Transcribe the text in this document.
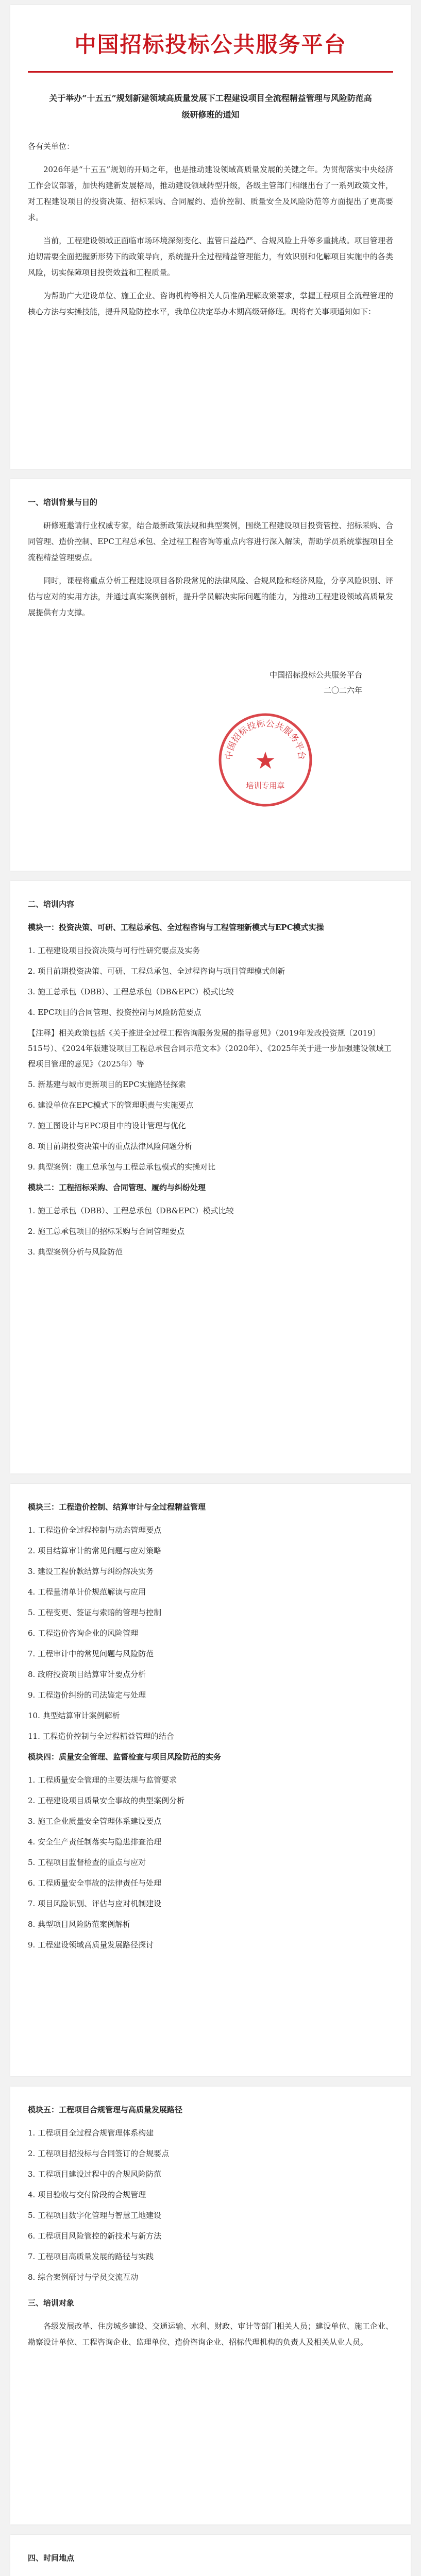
中国招标投标公共服务平台
关于举办“十五五”规划新建领域高质量发展下工程建设项目全流程精益管理与风险防范高级研修班的通知

各有关单位：

2026年是“十五五”规划的开局之年，也是推动建设领域高质量发展的关键之年。为贯彻落实中央经济工作会议部署，加快构建新发展格局，推动建设领域转型升级，各级主管部门相继出台了一系列政策文件，对工程建设项目的投资决策、招标采购、合同履约、造价控制、质量安全及风险防范等方面提出了更高要求。

当前，工程建设领域正面临市场环境深刻变化、监管日益趋严、合规风险上升等多重挑战。项目管理者迫切需要全面把握新形势下的政策导向，系统提升全过程精益管理能力，有效识别和化解项目实施中的各类风险，切实保障项目投资效益和工程质量。

为帮助广大建设单位、施工企业、咨询机构等相关人员准确理解政策要求，掌握工程项目全流程管理的核心方法与实操技能，提升风险防控水平，我单位决定举办本期高级研修班。现将有关事项通知如下：

一、培训背景与目的

研修班邀请行业权威专家，结合最新政策法规和典型案例，围绕工程建设项目投资管控、招标采购、合同管理、造价控制、EPC工程总承包、全过程工程咨询等重点内容进行深入解读，帮助学员系统掌握项目全流程精益管理要点。

同时，课程将重点分析工程建设项目各阶段常见的法律风险、合规风险和经济风险，分享风险识别、评估与应对的实用方法，并通过真实案例剖析，提升学员解决实际问题的能力，为推动工程建设领域高质量发展提供有力支撑。

中国招标投标公共服务平台
★
培训专用章
中国招标投标公共服务平台
二〇二六年
二、培训内容
模块一：投资决策、可研、工程总承包、全过程咨询与工程管理新模式与EPC模式实操
1. 工程建设项目投资决策与可行性研究要点及实务
2. 项目前期投资决策、可研、工程总承包、全过程咨询与项目管理模式创新
3. 施工总承包（DBB）、工程总承包（DB&EPC）模式比较
4. EPC项目的合同管理、投资控制与风险防范要点
【注释】相关政策包括《关于推进全过程工程咨询服务发展的指导意见》（2019年发改投资规〔2019〕515号）、《2024年版建设项目工程总承包合同示范文本》（2020年）、《2025年关于进一步加强建设领域工程项目管理的意见》（2025年）等
5. 新基建与城市更新项目的EPC实施路径探索
6. 建设单位在EPC模式下的管理职责与实施要点
7. 施工图设计与EPC项目中的设计管理与优化
8. 项目前期投资决策中的重点法律风险问题分析
9. 典型案例：施工总承包与工程总承包模式的实操对比
模块二：工程招标采购、合同管理、履约与纠纷处理
1. 施工总承包（DBB）、工程总承包（DB&EPC）模式比较
2. 施工总承包项目的招标采购与合同管理要点
3. 典型案例分析与风险防范
模块三：工程造价控制、结算审计与全过程精益管理
1. 工程造价全过程控制与动态管理要点
2. 项目结算审计的常见问题与应对策略
3. 建设工程价款结算与纠纷解决实务
4. 工程量清单计价规范解读与应用
5. 工程变更、签证与索赔的管理与控制
6. 工程造价咨询企业的风险管理
7. 工程审计中的常见问题与风险防范
8. 政府投资项目结算审计要点分析
9. 工程造价纠纷的司法鉴定与处理
10. 典型结算审计案例解析
11. 工程造价控制与全过程精益管理的结合
模块四：质量安全管理、监督检查与项目风险防范的实务
1. 工程质量安全管理的主要法规与监管要求
2. 工程建设项目质量安全事故的典型案例分析
3. 施工企业质量安全管理体系建设要点
4. 安全生产责任制落实与隐患排查治理
5. 工程项目监督检查的重点与应对
6. 工程质量安全事故的法律责任与处理
7. 项目风险识别、评估与应对机制建设
8. 典型项目风险防范案例解析
9. 工程建设领域高质量发展路径探讨
模块五：工程项目合规管理与高质量发展路径
1. 工程项目全过程合规管理体系构建
2. 工程项目招投标与合同签订的合规要点
3. 工程项目建设过程中的合规风险防范
4. 项目验收与交付阶段的合规管理
5. 工程项目数字化管理与智慧工地建设
6. 工程项目风险管控的新技术与新方法
7. 工程项目高质量发展的路径与实践
8. 综合案例研讨与学员交流互动
三、培训对象

各级发展改革、住房城乡建设、交通运输、水利、财政、审计等部门相关人员；建设单位、施工企业、勘察设计单位、工程咨询企业、监理单位、造价咨询企业、招标代理机构的负责人及相关从业人员。

四、时间地点
